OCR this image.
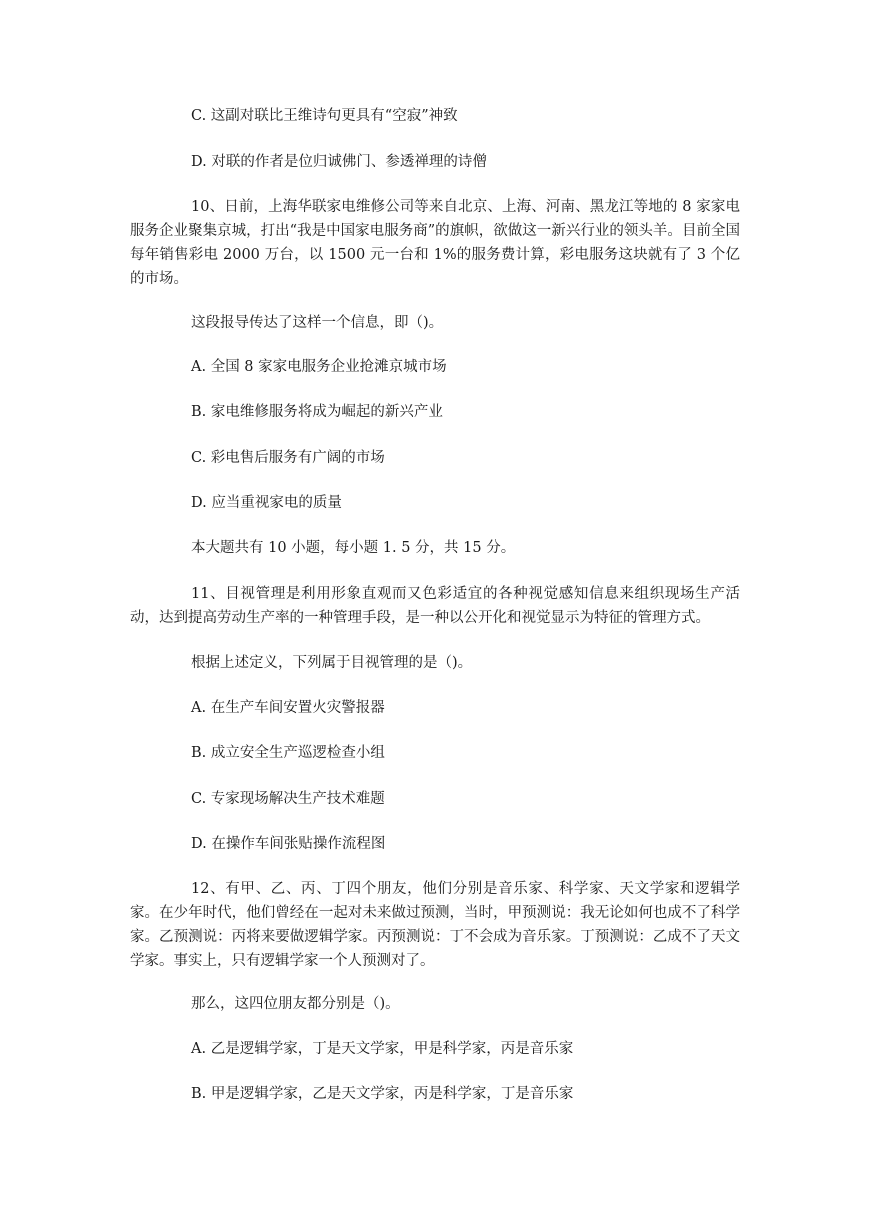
C. 这副对联比王维诗句更具有“空寂”神致
D. 对联的作者是位归诚佛门、参透禅理的诗僧
10、日前，上海华联家电维修公司等来自北京、上海、河南、黑龙江等地的 8 家家电服务企业聚集京城，打出“我是中国家电服务商”的旗帜，欲做这一新兴行业的领头羊。目前全国每年销售彩电 2000 万台，以 1500 元一台和 1%的服务费计算，彩电服务这块就有了 3 个亿的市场。
这段报导传达了这样一个信息，即（)。
A. 全国 8 家家电服务企业抢滩京城市场
B. 家电维修服务将成为崛起的新兴产业
C. 彩电售后服务有广阔的市场
D. 应当重视家电的质量
本大题共有 10 小题，每小题 1. 5 分，共 15 分。
11、目视管理是利用形象直观而又色彩适宜的各种视觉感知信息来组织现场生产活动，达到提高劳动生产率的一种管理手段，是一种以公开化和视觉显示为特征的管理方式。
根据上述定义，下列属于目视管理的是（)。
A. 在生产车间安置火灾警报器
B. 成立安全生产巡逻检查小组
C. 专家现场解决生产技术难题
D. 在操作车间张贴操作流程图
12、有甲、乙、丙、丁四个朋友，他们分别是音乐家、科学家、天文学家和逻辑学家。在少年时代，他们曾经在一起对未来做过预测，当时，甲预测说：我无论如何也成不了科学家。乙预测说：丙将来要做逻辑学家。丙预测说：丁不会成为音乐家。丁预测说：乙成不了天文学家。事实上，只有逻辑学家一个人预测对了。
那么，这四位朋友都分别是（)。
A. 乙是逻辑学家，丁是天文学家，甲是科学家，丙是音乐家
B. 甲是逻辑学家，乙是天文学家，丙是科学家，丁是音乐家
